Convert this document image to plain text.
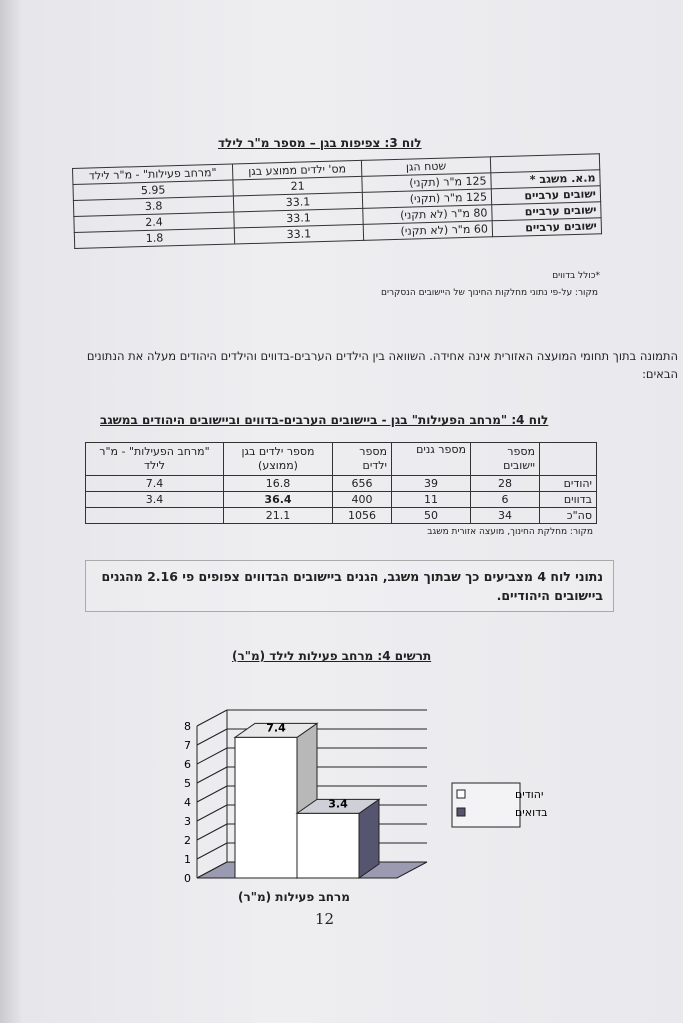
לוח 3: צפיפות בגן – מספר מ"ר לילד
	שטח הגן	מס' ילדים ממוצע בגן	"מרחב פעילות" - מ"ר לילד
מ.א. משגב *	125 מ"ר (תקני)	21	5.95
ישובים ערביים	125 מ"ר (תקני)	33.1	3.8
ישובים ערביים	80 מ"ר (לא תקני)	33.1	2.4
ישובים ערביים	60 מ"ר (לא תקני)	33.1	1.8
*כולל בדווים
מקור: על-פי נתוני מחלקות החינוך של היישובים הנסקרים
התמונה בתוך תחומי המועצה האזורית אינה אחידה. השוואה בין הילדים הערבים-בדווים והילדים היהודים מעלה את הנתונים הבאים:
לוח 4: "מרחב הפעילות" בגן - ביישובים הערבים-בדווים וביישובים היהודים במשגב
	מספר יישובים	מספר גנים	מספר ילדים	מספר ילדים בגן (ממוצע)	"מרחב הפעילות" - מ"ר לילד
יהודים	28	39	656	16.8	7.4
בדווים	6	11	400	36.4	3.4
סה"כ	34	50	1056	21.1	
מקור: מחלקת החינוך, מועצה אזורית משגב
נתוני לוח 4 מצביעים כך שבתוך משגב, הגנים ביישובים הבדווים צפופים פי 2.16 מהגנים ביישובים היהודיים.
תרשים 4: מרחב פעילות לילד (מ"ר)
0
1
2
3
4
5
6
7
8	7.4
3.4
יהודים
בדואים
מרחב פעילות (מ"ר)
12
